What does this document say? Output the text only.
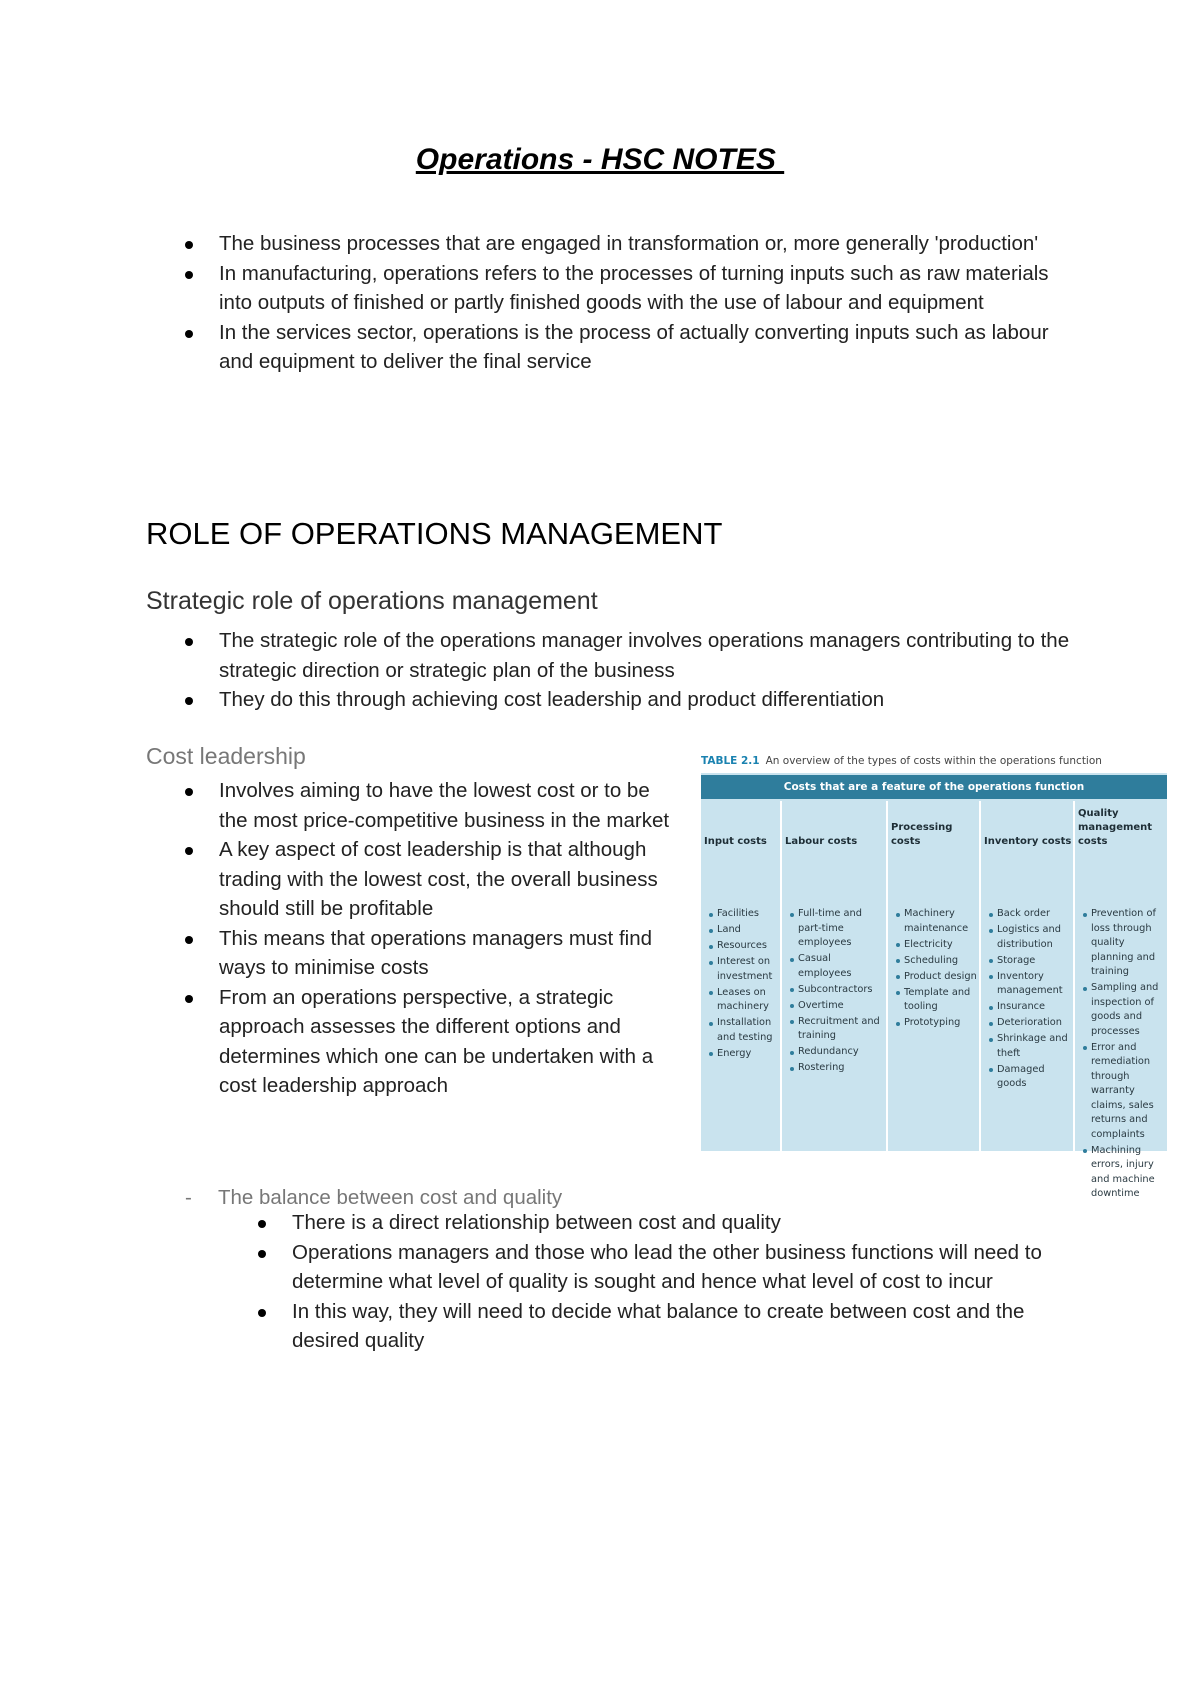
Operations - HSC NOTES
The business processes that are engaged in transformation or, more generally 'production'
In manufacturing, operations refers to the processes of turning inputs such as raw materials into outputs of finished or partly finished goods with the use of labour and equipment
In the services sector, operations is the process of actually converting inputs such as labour and equipment to deliver the final service
ROLE OF OPERATIONS MANAGEMENT
Strategic role of operations management
The strategic role of the operations manager involves operations managers contributing to the strategic direction or strategic plan of the business
They do this through achieving cost leadership and product differentiation
Cost leadership
Involves aiming to have the lowest cost or to be the most price-competitive business in the market
A key aspect of cost leadership is that although trading with the lowest cost, the overall business should still be profitable
This means that operations managers must find ways to minimise costs
From an operations perspective, a strategic approach assesses the different options and determines which one can be undertaken with a cost leadership approach
TABLE 2.1 An overview of the types of costs within the operations function
Costs that are a feature of the operations function
Input costs
Facilities
Land
Resources
Interest on investment
Leases on machinery
Installation and testing
Energy
Labour costs
Full-time and part-time employees
Casual employees
Subcontractors
Overtime
Recruitment and training
Redundancy
Rostering
Processing costs
Machinery maintenance
Electricity
Scheduling
Product design
Template and tooling
Prototyping
Inventory costs
Back order
Logistics and distribution
Storage
Inventory management
Insurance
Deterioration
Shrinkage and theft
Damaged goods
Quality management costs
Prevention of loss through quality planning and training
Sampling and inspection of goods and processes
Error and remediation through warranty claims, sales returns and complaints
Machining errors, injury and machine downtime
- The balance between cost and quality
There is a direct relationship between cost and quality
Operations managers and those who lead the other business functions will need to determine what level of quality is sought and hence what level of cost to incur
In this way, they will need to decide what balance to create between cost and the desired quality
